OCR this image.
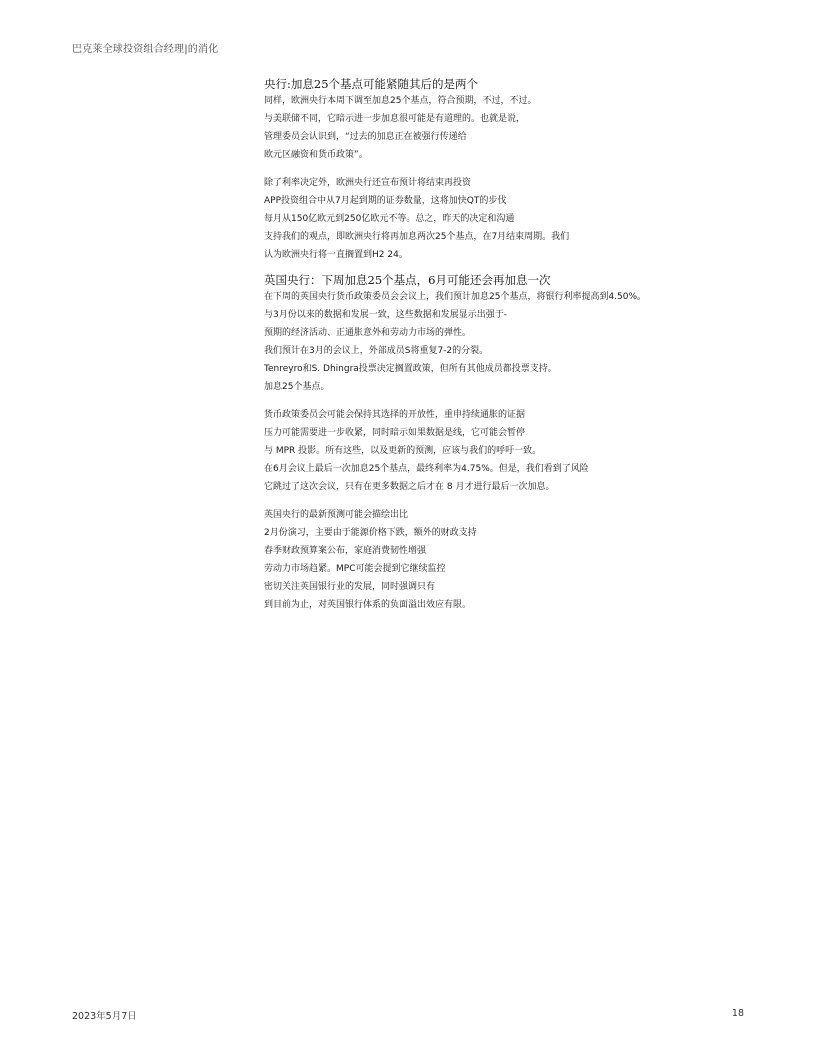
巴克莱全球投资组合经理|的消化
央行:加息25个基点可能紧随其后的是两个
同样，欧洲央行本周下调至加息25个基点，符合预期，不过，不过。
与美联储不同，它暗示进一步加息很可能是有道理的。也就是说，
管理委员会认识到，“过去的加息正在被强行传递给
欧元区融资和货币政策”。
除了利率决定外，欧洲央行还宣布预计将结束再投资
APP投资组合中从7月起到期的证券数量，这将加快QT的步伐
每月从150亿欧元到250亿欧元不等。总之，昨天的决定和沟通
支持我们的观点，即欧洲央行将再加息两次25个基点，在7月结束周期。我们
认为欧洲央行将一直搁置到H2 24。
英国央行：下周加息25个基点，6月可能还会再加息一次
在下周的英国央行货币政策委员会会议上，我们预计加息25个基点，将银行利率提高到4.50%。
与3月份以来的数据和发展一致，这些数据和发展显示出强于-
预期的经济活动、正通胀意外和劳动力市场的弹性。
我们预计在3月的会议上，外部成员S将重复7-2的分裂。
Tenreyro和S. Dhingra投票决定搁置政策，但所有其他成员都投票支持。
加息25个基点。
货币政策委员会可能会保持其选择的开放性，重申持续通胀的证据
压力可能需要进一步收紧，同时暗示如果数据是线，它可能会暂停
与 MPR 投影。所有这些，以及更新的预测，应该与我们的呼吁一致。
在6月会议上最后一次加息25个基点，最终利率为4.75%。但是，我们看到了风险
它跳过了这次会议，只有在更多数据之后才在 8 月才进行最后一次加息。
英国央行的最新预测可能会描绘出比
2月份演习，主要由于能源价格下跌，额外的财政支持
春季财政预算案公布，家庭消费韧性增强
劳动力市场趋紧。MPC可能会提到它继续监控
密切关注英国银行业的发展，同时强调只有
到目前为止，对英国银行体系的负面溢出效应有限。
2023年5月7日	18
